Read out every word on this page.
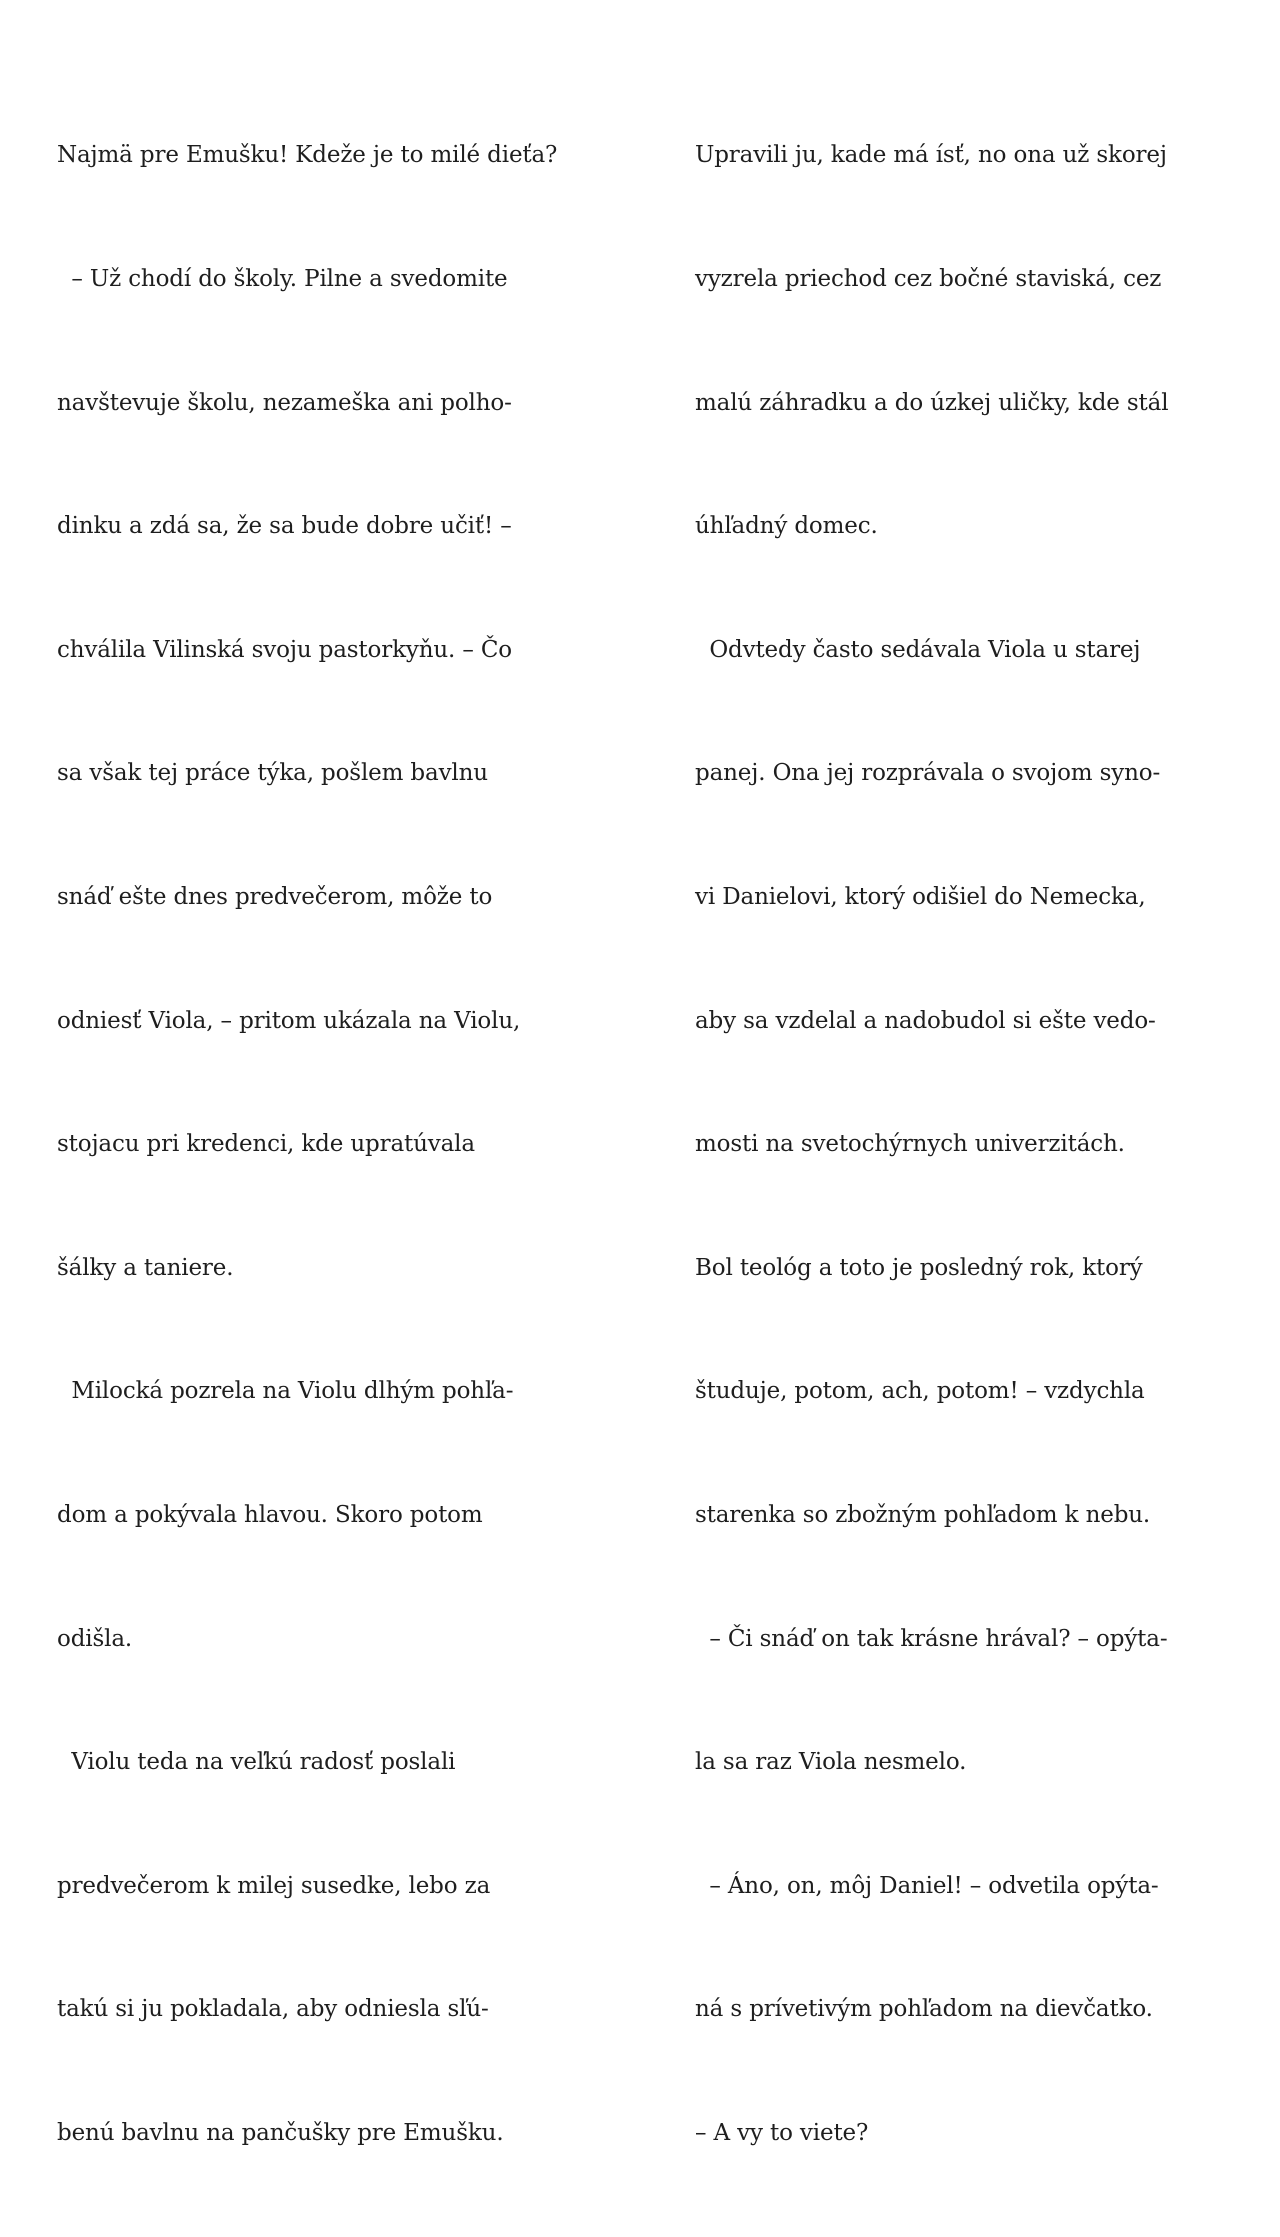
Najmä pre Emušku! Kdeže je to milé dieťa?

– Už chodí do školy. Pilne a svedomite

navštevuje školu, nezameška ani polho-

dinku a zdá sa, že sa bude dobre učiť! –

chválila Vilinská svoju pastorkyňu. – Čo

sa však tej práce týka, pošlem bavlnu

snáď ešte dnes predvečerom, môže to

odniesť Viola, – pritom ukázala na Violu,

stojacu pri kredenci, kde upratúvala

šálky a taniere.

Milocká pozrela na Violu dlhým pohľa-

dom a pokývala hlavou. Skoro potom

odišla.

Violu teda na veľkú radosť poslali

predvečerom k milej susedke, lebo za

takú si ju pokladala, aby odniesla sľú-

benú bavlnu na pančušky pre Emušku.

Upravili ju, kade má ísť, no ona už skorej

vyzrela priechod cez bočné staviská, cez

malú záhradku a do úzkej uličky, kde stál

úhľadný domec.

Odvtedy často sedávala Viola u starej

panej. Ona jej rozprávala o svojom syno-

vi Danielovi, ktorý odišiel do Nemecka,

aby sa vzdelal a nadobudol si ešte vedo-

mosti na svetochýrnych univerzitách.

Bol teológ a toto je posledný rok, ktorý

študuje, potom, ach, potom! – vzdychla

starenka so zbožným pohľadom k nebu.

– Či snáď on tak krásne hrával? – opýta-

la sa raz Viola nesmelo.

– Áno, on, môj Daniel! – odvetila opýta-

ná s prívetivým pohľadom na dievčatko.

– A vy to viete?
